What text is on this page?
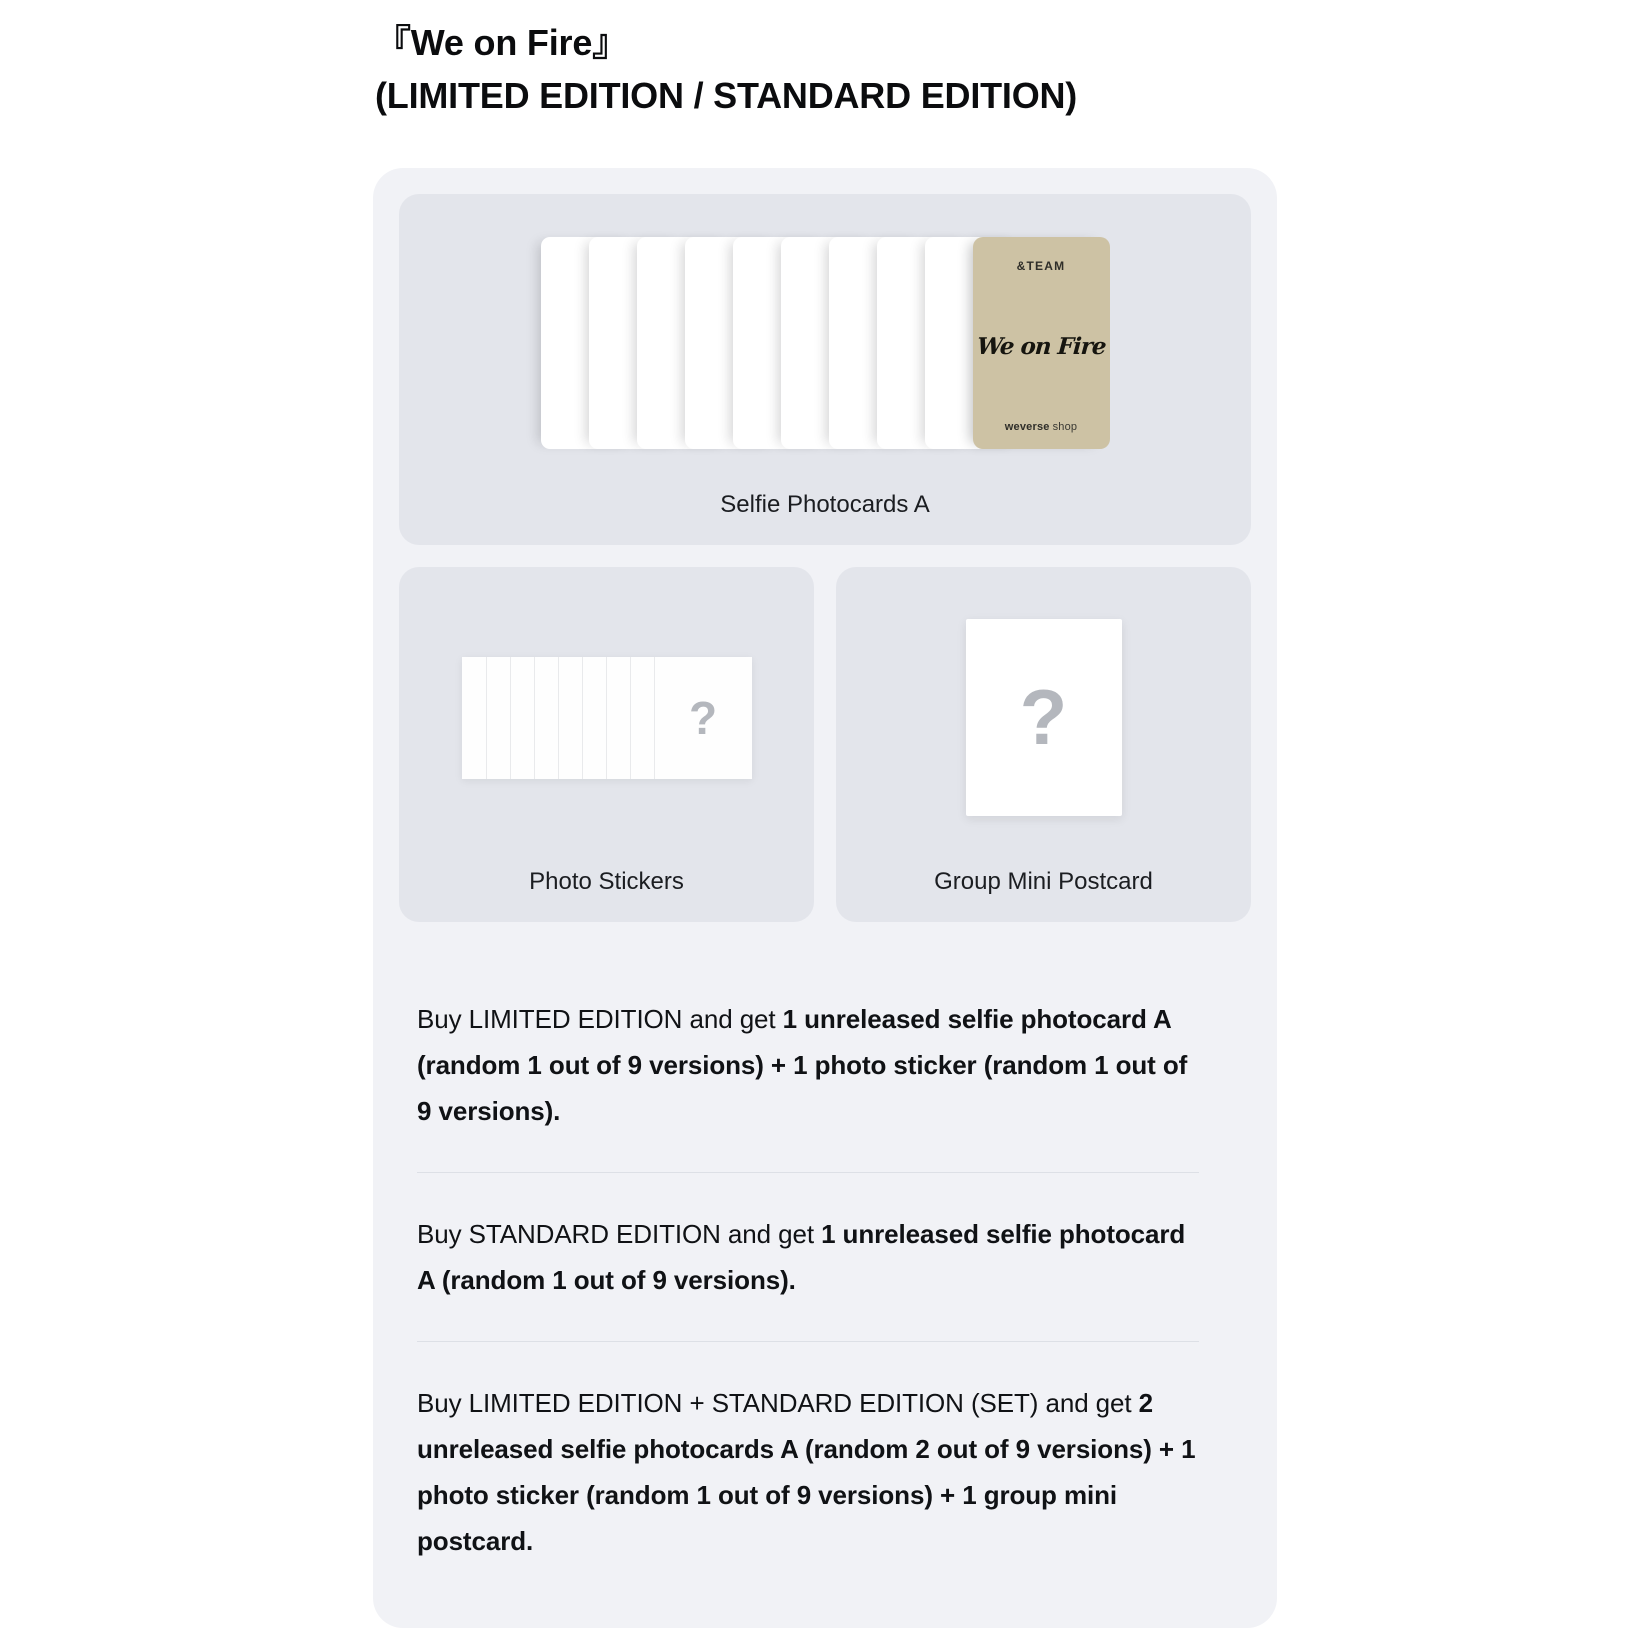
『We on Fire』
(LIMITED EDITION / STANDARD EDITION)
&TEAM
We on Fire
weverse shop
Selfie Photocards A
?
Photo Stickers
?
Group Mini Postcard

Buy LIMITED EDITION and get 1 unreleased selfie photocard A (random 1 out of 9 versions) + 1 photo sticker (random 1 out of 9 versions).

Buy STANDARD EDITION and get 1 unreleased selfie photocard A (random 1 out of 9 versions).

Buy LIMITED EDITION + STANDARD EDITION (SET) and get 2 unreleased selfie photocards A (random 2 out of 9 versions) + 1 photo sticker (random 1 out of 9 versions) + 1 group mini postcard.
